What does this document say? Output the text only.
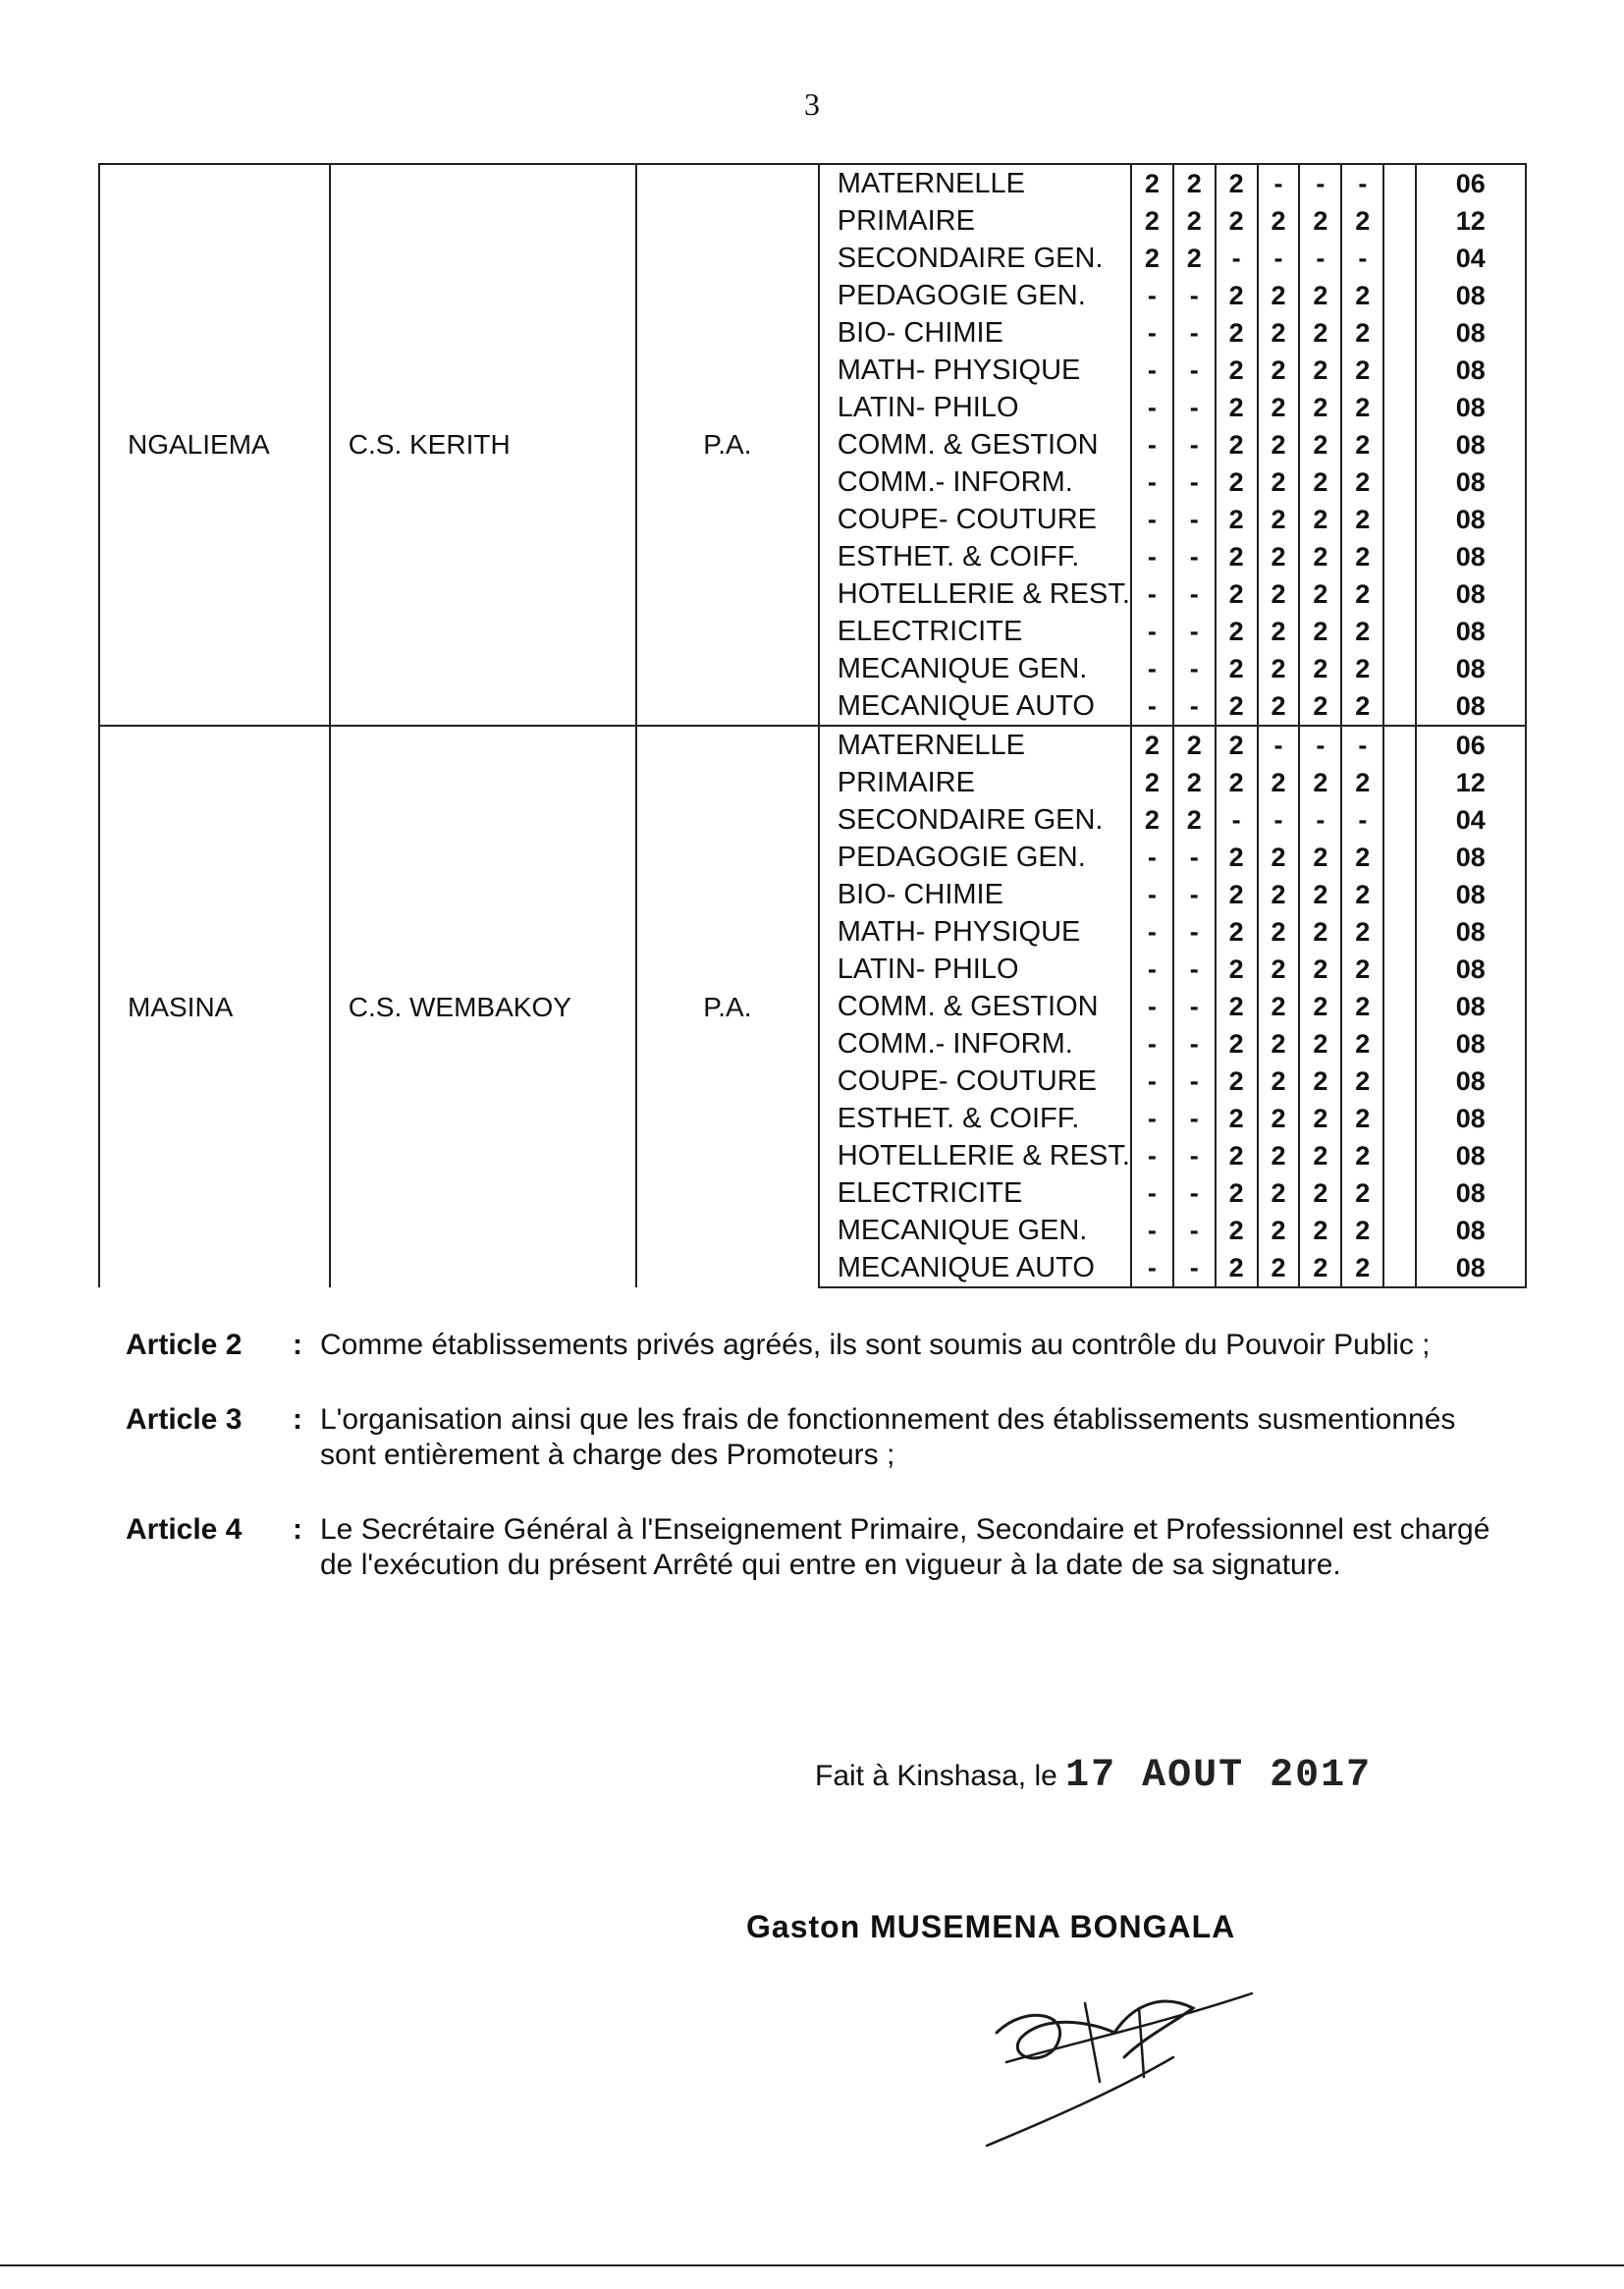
3
NGALIEMA	C.S. KERITH	P.A.	MATERNELLE	2	2	2	-	-	-		06
			PRIMAIRE	2	2	2	2	2	2		12
			SECONDAIRE GEN.	2	2	-	-	-	-		04
			PEDAGOGIE GEN.	-	-	2	2	2	2		08
			BIO- CHIMIE	-	-	2	2	2	2		08
			MATH- PHYSIQUE	-	-	2	2	2	2		08
			LATIN- PHILO	-	-	2	2	2	2		08
			COMM. & GESTION	-	-	2	2	2	2		08
			COMM.- INFORM.	-	-	2	2	2	2		08
			COUPE- COUTURE	-	-	2	2	2	2		08
			ESTHET. & COIFF.	-	-	2	2	2	2		08
			HOTELLERIE & REST.	-	-	2	2	2	2		08
			ELECTRICITE	-	-	2	2	2	2		08
			MECANIQUE GEN.	-	-	2	2	2	2		08
			MECANIQUE AUTO	-	-	2	2	2	2		08
MASINA	C.S. WEMBAKOY	P.A.	MATERNELLE	2	2	2	-	-	-		06
			PRIMAIRE	2	2	2	2	2	2		12
			SECONDAIRE GEN.	2	2	-	-	-	-		04
			PEDAGOGIE GEN.	-	-	2	2	2	2		08
			BIO- CHIMIE	-	-	2	2	2	2		08
			MATH- PHYSIQUE	-	-	2	2	2	2		08
			LATIN- PHILO	-	-	2	2	2	2		08
			COMM. & GESTION	-	-	2	2	2	2		08
			COMM.- INFORM.	-	-	2	2	2	2		08
			COUPE- COUTURE	-	-	2	2	2	2		08
			ESTHET. & COIFF.	-	-	2	2	2	2		08
			HOTELLERIE & REST.	-	-	2	2	2	2		08
			ELECTRICITE	-	-	2	2	2	2		08
			MECANIQUE GEN.	-	-	2	2	2	2		08
			MECANIQUE AUTO	-	-	2	2	2	2		08
Article 2	: Comme établissements privés agréés, ils sont soumis au contrôle du Pouvoir Public ;
Article 3	: L'organisation ainsi que les frais de fonctionnement des établissements susmentionnés sont entièrement à charge des Promoteurs ;
Article 4	: Le Secrétaire Général à l'Enseignement Primaire, Secondaire et Professionnel est chargé de l'exécution du présent Arrêté qui entre en vigueur à la date de sa signature.
Fait à Kinshasa, le 17 AOUT 2017
Gaston MUSEMENA BONGALA
